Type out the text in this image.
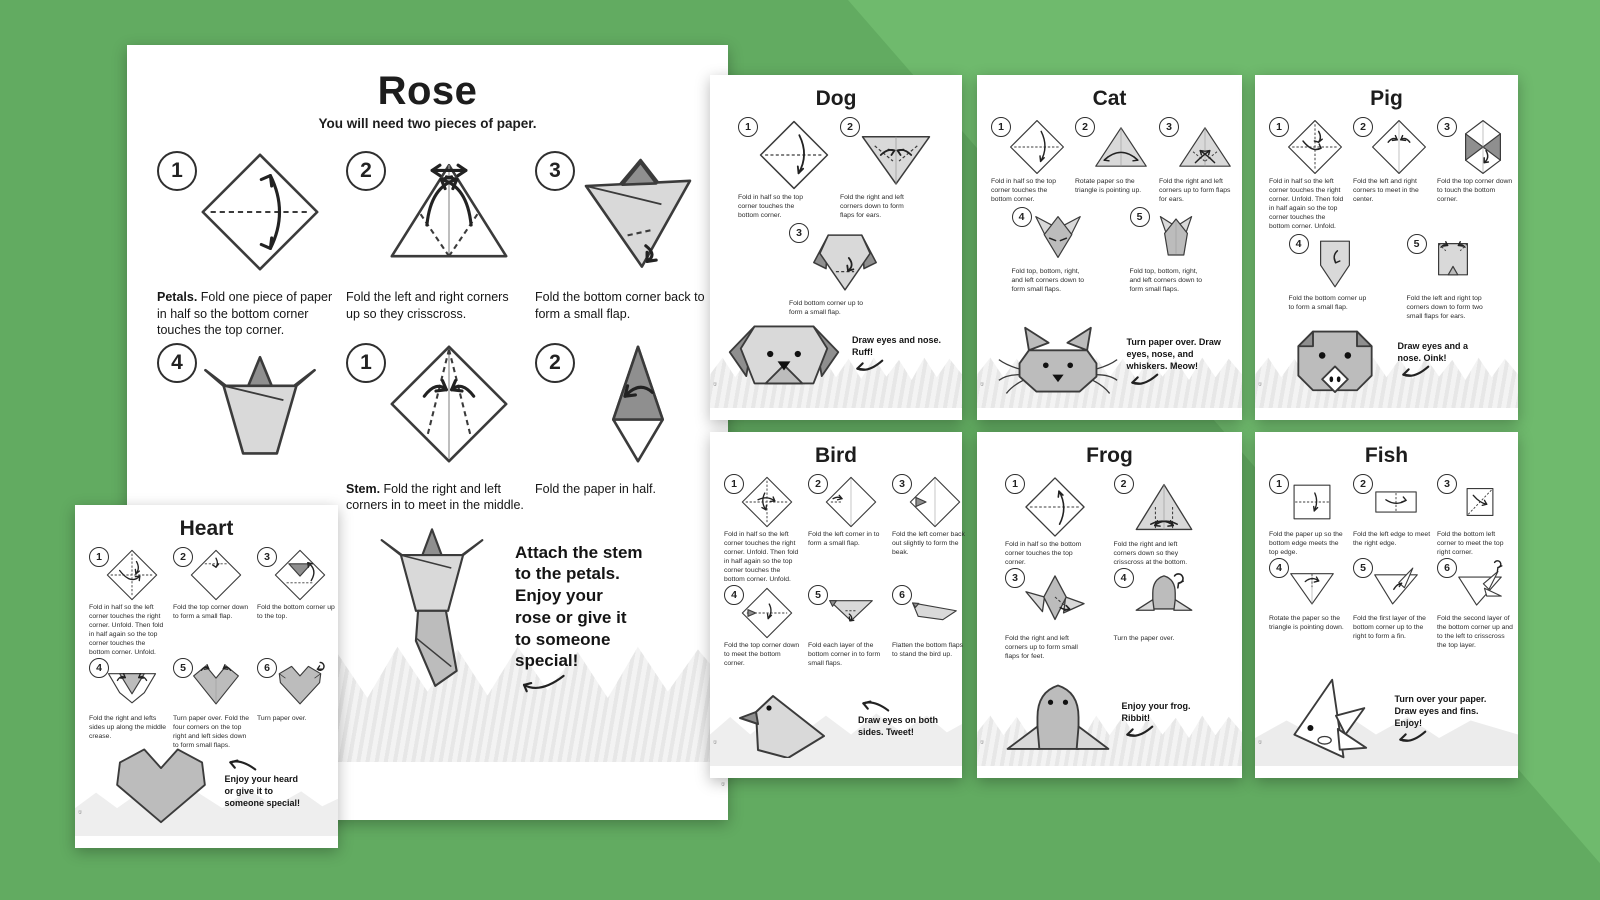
Rose
You will need two pieces of paper.
1
Petals. Fold one piece of paper in half so the bottom corner touches the top corner.
2
Fold the left and right corners up so they crisscross.
3
Fold the bottom corner back to form a small flap.
4	1
Stem. Fold the right and left corners in to meet in the middle.
2
Fold the paper in half.
Attach the stem to the petals. Enjoy your rose or give it to someone special!
©
Heart
1
Fold in half so the left corner touches the right corner. Unfold. Then fold in half again so the top corner touches the bottom corner. Unfold.
2
Fold the top corner down to form a small flap.
3
Fold the bottom corner up to the top.
4
Fold the right and lefts sides up along the middle crease.
5
Turn paper over. Fold the four corners on the top right and left sides down to form small flaps.
6
Turn paper over.
Enjoy your heard or give it to someone special!
©
Dog
1
Fold in half so the top corner touches the bottom corner.
2
Fold the right and left corners down to form flaps for ears.
3
Fold bottom corner up to form a small flap.
Draw eyes and nose. Ruff!
©
Cat
1
Fold in half so the top corner touches the bottom corner.
2
Rotate paper so the triangle is pointing up.
3
Fold the right and left corners up to form flaps for ears.
4
Fold top, bottom, right, and left corners down to form small flaps.
5
Fold top, bottom, right, and left corners down to form small flaps.
Turn paper over. Draw eyes, nose, and whiskers. Meow!
©
Pig
1
Fold in half so the left corner touches the right corner. Unfold. Then fold in half again so the top corner touches the bottom corner. Unfold.
2
Fold the left and right corners to meet in the center.
3
Fold the top corner down to touch the bottom corner.
4
Fold the bottom corner up to form a small flap.
5
Fold the left and right top corners down to form two small flaps for ears.
Draw eyes and a nose. Oink!
©
Bird
1
Fold in half so the left corner touches the right corner. Unfold. Then fold in half again so the top corner touches the bottom corner. Unfold.
2
Fold the left corner in to form a small flap.
3
Fold the left corner back out slightly to form the beak.
4
Fold the top corner down to meet the bottom corner.
5
Fold each layer of the bottom corner in to form small flaps.
6
Flatten the bottom flaps to stand the bird up.
Draw eyes on both sides. Tweet!
©
Frog
1
Fold in half so the bottom corner touches the top corner.
2
Fold the right and left corners down so they crisscross at the bottom.
3
Fold the right and left corners up to form small flaps for feet.
4
Turn the paper over.
Enjoy your frog. Ribbit!
©
Fish
1
Fold the paper up so the bottom edge meets the top edge.
2
Fold the left edge to meet the right edge.
3
Fold the bottom left corner to meet the top right corner.
4
Rotate the paper so the triangle is pointing down.
5
Fold the first layer of the bottom corner up to the right to form a fin.
6
Fold the second layer of the bottom corner up and to the left to crisscross the top layer.
Turn over your paper. Draw eyes and fins. Enjoy!
©
